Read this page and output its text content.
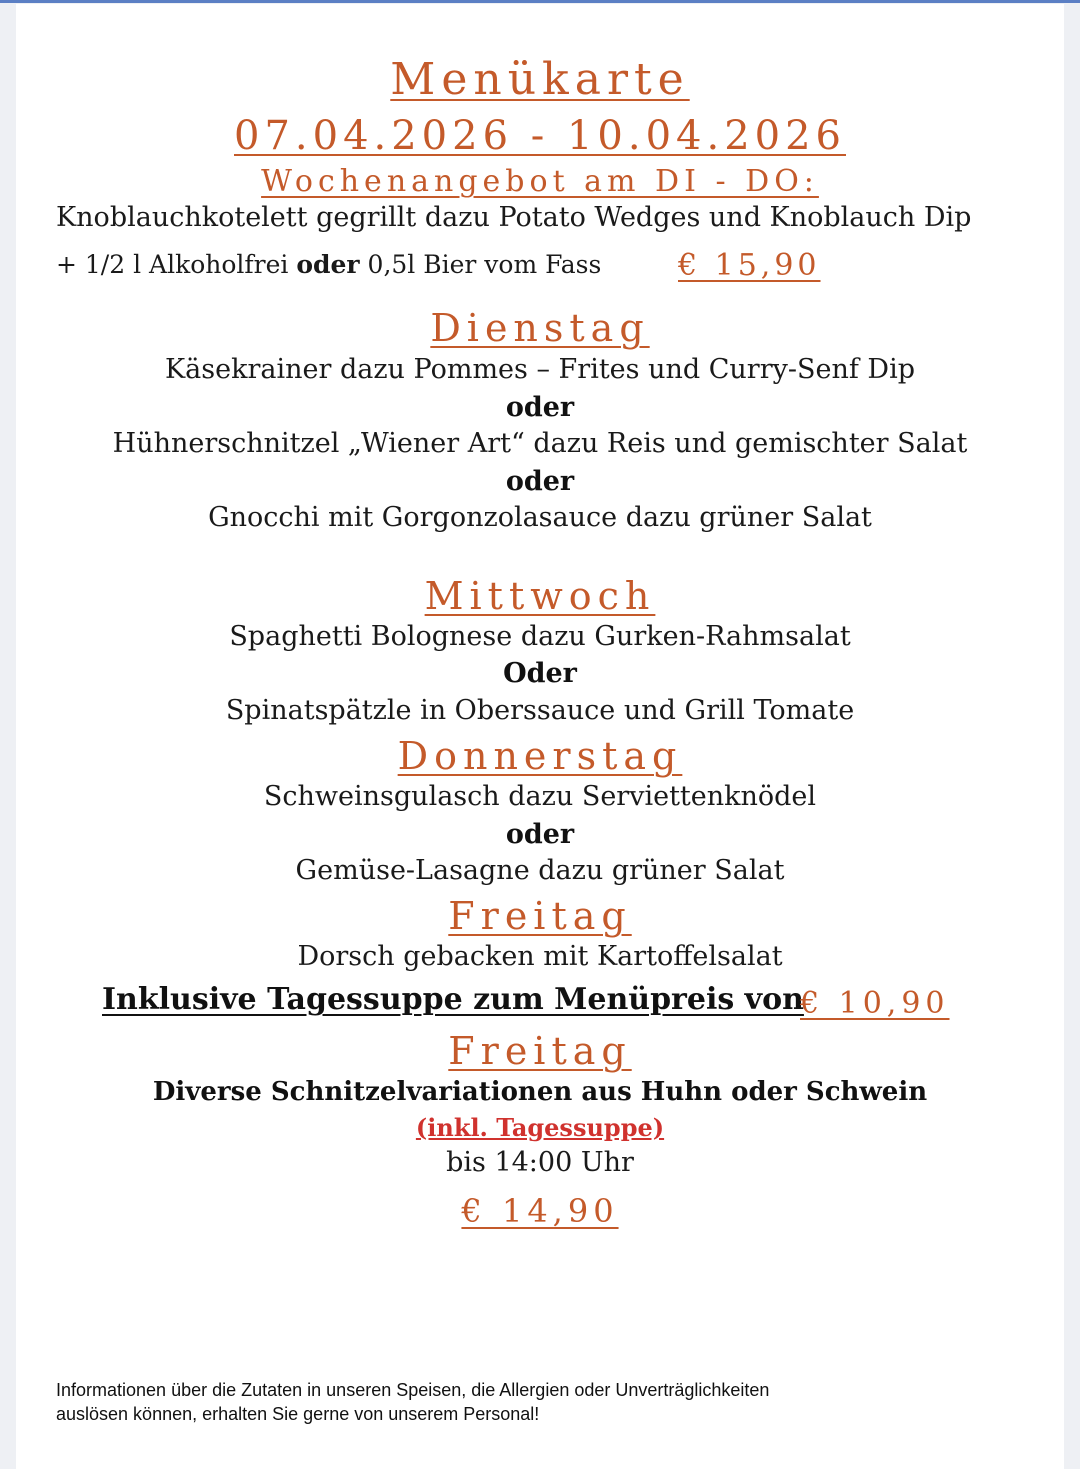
Menükarte
07.04.2026 - 10.04.2026
Wochenangebot am DI - DO:
Knoblauchkotelett gegrillt dazu Potato Wedges und Knoblauch Dip
+ 1/2 l Alkoholfrei oder 0,5l Bier vom Fass	€ 15,90
Dienstag
Käsekrainer dazu Pommes – Frites und Curry-Senf Dip
oder
Hühnerschnitzel „Wiener Art“ dazu Reis und gemischter Salat
oder
Gnocchi mit Gorgonzolasauce dazu grüner Salat
Mittwoch
Spaghetti Bolognese dazu Gurken-Rahmsalat
Oder
Spinatspätzle in Oberssauce und Grill Tomate
Donnerstag
Schweinsgulasch dazu Serviettenknödel
oder
Gemüse-Lasagne dazu grüner Salat
Freitag
Dorsch gebacken mit Kartoffelsalat
Inklusive Tagessuppe zum Menüpreis von
€ 10,90
Freitag
Diverse Schnitzelvariationen aus Huhn oder Schwein
(inkl. Tagessuppe)
bis 14:00 Uhr
€ 14,90
Informationen über die Zutaten in unseren Speisen, die Allergien oder Unverträglichkeiten
auslösen können, erhalten Sie gerne von unserem Personal!
